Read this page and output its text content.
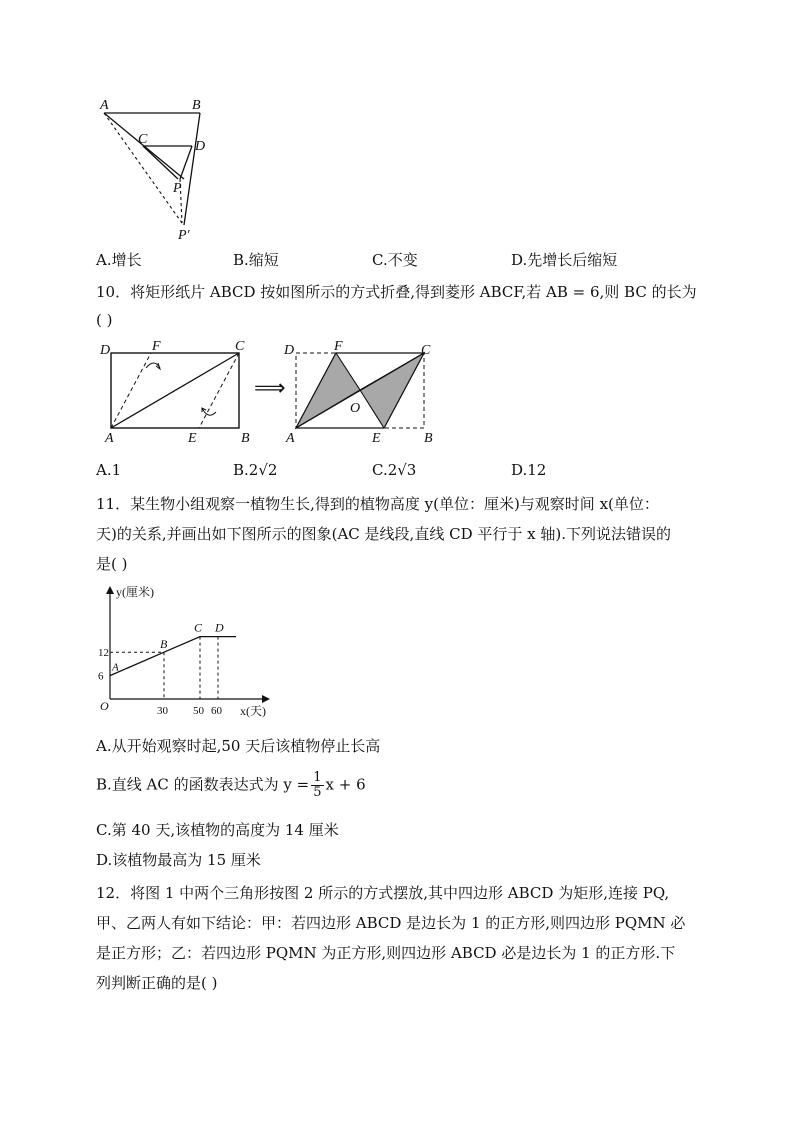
A	B
C	D
P
P′
A.增长	B.缩短	C.不变	D.先增长后缩短
10．将矩形纸片 ABCD 按如图所示的方式折叠,得到菱形 ABCF,若 AB = 6,则 BC 的长为
( )
D	F	C
A	E	B
⟹
D	F	C
O
A	E	B
A.1	B.2√2	C.2√3	D.12
11．某生物小组观察一植物生长,得到的植物高度 y(单位：厘米)与观察时间 x(单位：
天)的关系,并画出如下图所示的图象(AC 是线段,直线 CD 平行于 x 轴).下列说法错误的
是( )
y(厘米)
x(天)
O	30 50 60
6
12
A
B
C D
A.从开始观察时起,50 天后该植物停止长高
B.直线 AC 的函数表达式为 $y = \frac{1}{5}$ x + 6
C.第 40 天,该植物的高度为 14 厘米
D.该植物最高为 15 厘米
12．将图 1 中两个三角形按图 2 所示的方式摆放,其中四边形 ABCD 为矩形,连接 PQ,
甲、乙两人有如下结论：甲：若四边形 ABCD 是边长为 1 的正方形,则四边形 PQMN 必
是正方形；乙：若四边形 PQMN 为正方形,则四边形 ABCD 必是边长为 1 的正方形.下
列判断正确的是( )
